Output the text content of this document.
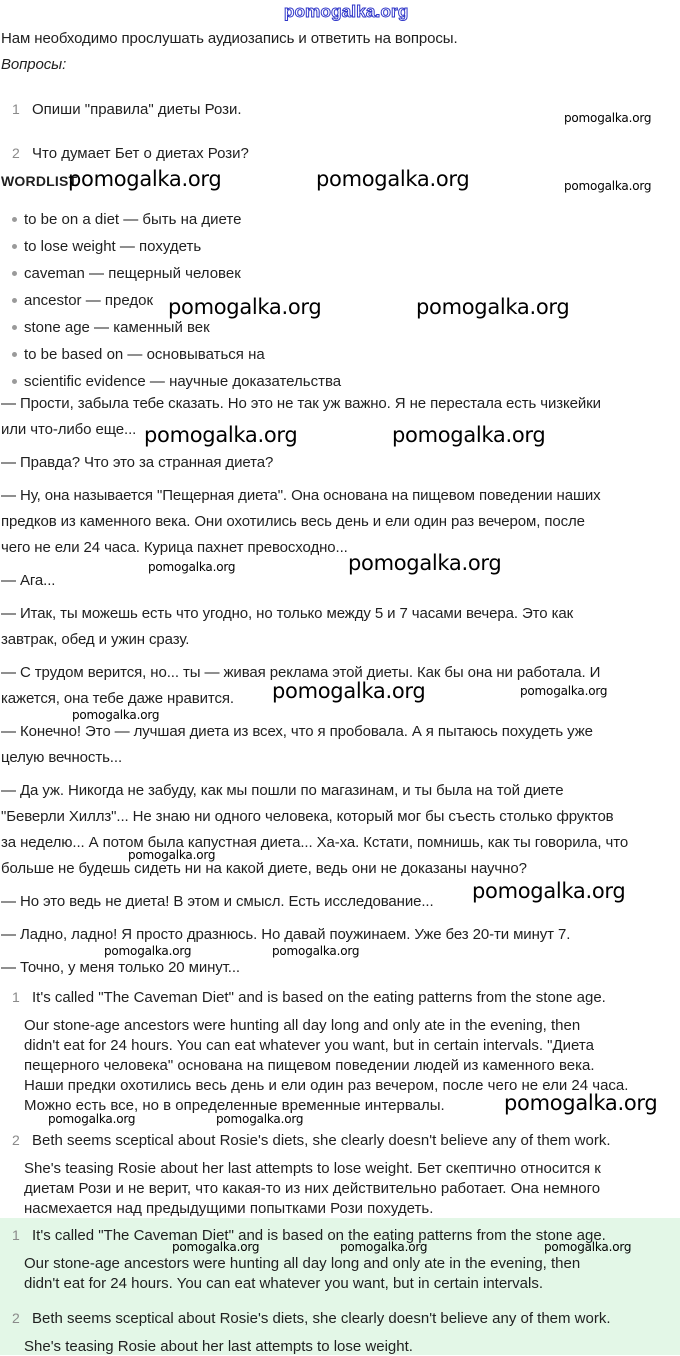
pomogalka.org
Нам необходимо прослушать аудиозапись и ответить на вопросы.
Вопросы:
1 Опиши "правила" диеты Рози.
2 Что думает Бет о диетах Рози?
WORDLIST
to be on a diet — быть на диете
to lose weight — похудеть
caveman — пещерный человек
ancestor — предок
stone age — каменный век
to be based on — основываться на
scientific evidence — научные доказательства
— Прости, забыла тебе сказать. Но это не так уж важно. Я не перестала есть чизкейки
или что-либо еще...
— Правда? Что это за странная диета?
— Ну, она называется "Пещерная диета". Она основана на пищевом поведении наших
предков из каменного века. Они охотились весь день и ели один раз вечером, после
чего не ели 24 часа. Курица пахнет превосходно...
— Ага...
— Итак, ты можешь есть что угодно, но только между 5 и 7 часами вечера. Это как
завтрак, обед и ужин сразу.
— С трудом верится, но... ты — живая реклама этой диеты. Как бы она ни работала. И
кажется, она тебе даже нравится.
— Конечно! Это — лучшая диета из всех, что я пробовала. А я пытаюсь похудеть уже
целую вечность...
— Да уж. Никогда не забуду, как мы пошли по магазинам, и ты была на той диете
"Беверли Хиллз"... Не знаю ни одного человека, который мог бы съесть столько фруктов
за неделю... А потом была капустная диета... Ха-ха. Кстати, помнишь, как ты говорила, что
больше не будешь сидеть ни на какой диете, ведь они не доказаны научно?
— Но это ведь не диета! В этом и смысл. Есть исследование...
— Ладно, ладно! Я просто дразнюсь. Но давай поужинаем. Уже без 20-ти минут 7.
— Точно, у меня только 20 минут...
1 It's called "The Caveman Diet" and is based on the eating patterns from the stone age.
Our stone-age ancestors were hunting all day long and only ate in the evening, then
didn't eat for 24 hours. You can eat whatever you want, but in certain intervals. "Диета
пещерного человека" основана на пищевом поведении людей из каменного века.
Наши предки охотились весь день и ели один раз вечером, после чего не ели 24 часа.
Можно есть все, но в определенные временные интервалы.
2 Beth seems sceptical about Rosie's diets, she clearly doesn't believe any of them work.
She's teasing Rosie about her last attempts to lose weight. Бет скептично относится к
диетам Рози и не верит, что какая-то из них действительно работает. Она немного
насмехается над предыдущими попытками Рози похудеть.
1 It's called "The Caveman Diet" and is based on the eating patterns from the stone age.
Our stone-age ancestors were hunting all day long and only ate in the evening, then
didn't eat for 24 hours. You can eat whatever you want, but in certain intervals.
2 Beth seems sceptical about Rosie's diets, she clearly doesn't believe any of them work.
She's teasing Rosie about her last attempts to lose weight.
pomogalka.org
pomogalka.org	pomogalka.org	pomogalka.org
pomogalka.org	pomogalka.org
pomogalka.org	pomogalka.org
pomogalka.org	pomogalka.org
pomogalka.org	pomogalka.org
pomogalka.org
pomogalka.org
pomogalka.org
pomogalka.org	pomogalka.org
pomogalka.org
pomogalka.org	pomogalka.org
pomogalka.org	pomogalka.org	pomogalka.org
